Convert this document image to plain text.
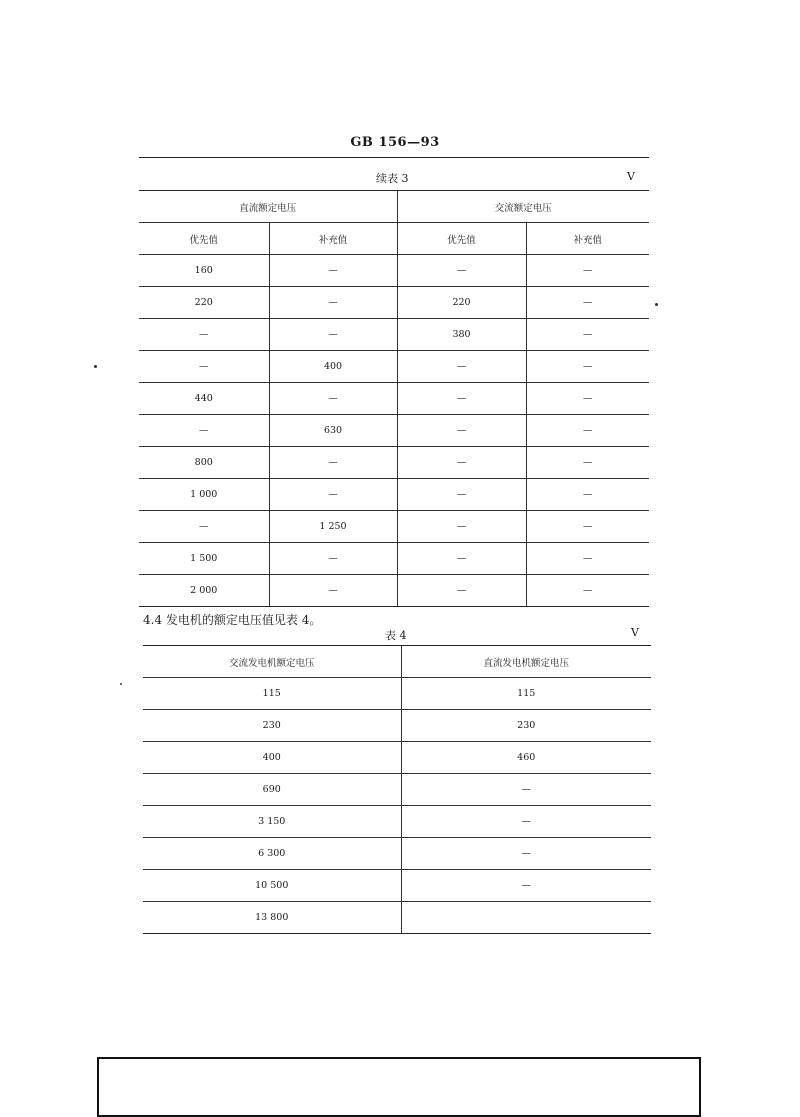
GB 156—93
续表 3	V
直流额定电压		交流额定电压	
优先值	补充值	优先值	补充值
160	—	—	—
220	—	220	—
—	—	380	—
—	400	—	—
440	—	—	—
—	630	—	—
800	—	—	—
1 000	—	—	—
—	1 250	—	—
1 500	—	—	—
2 000	—	—	—
4.4 发电机的额定电压值见表 4。
表 4	V
交流发电机额定电压	直流发电机额定电压
115	115
230	230
400	460
690	—
3 150	—
6 300	—
10 500	—
13 800	
